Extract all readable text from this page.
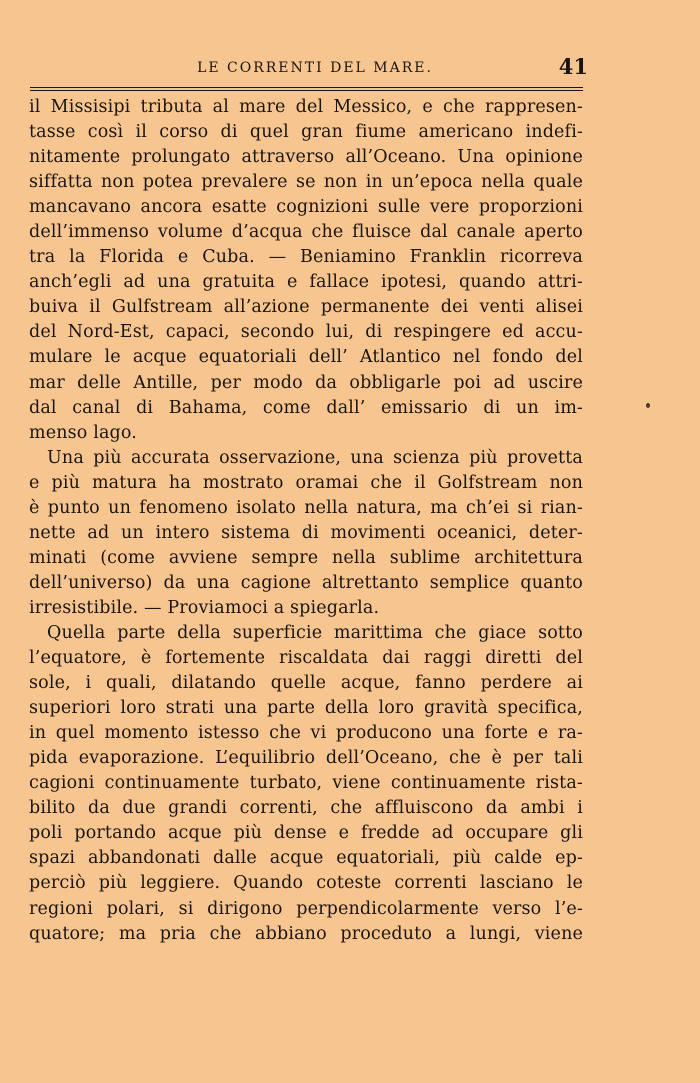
LE CORRENTI DEL MARE.	41
il Missisipi tributa al mare del Messico, e che rappresen-
tasse così il corso di quel gran fiume americano indefi-
nitamente prolungato attraverso all’Oceano. Una opinione
siffatta non potea prevalere se non in un’epoca nella quale
mancavano ancora esatte cognizioni sulle vere proporzioni
dell’immenso volume d’acqua che fluisce dal canale aperto
tra la Florida e Cuba. — Beniamino Franklin ricorreva
anch’egli ad una gratuita e fallace ipotesi, quando attri-
buiva il Gulfstream all’azione permanente dei venti alisei
del Nord-Est, capaci, secondo lui, di respingere ed accu-
mulare le acque equatoriali dell’ Atlantico nel fondo del
mar delle Antille, per modo da obbligarle poi ad uscire
dal canal di Bahama, come dall’ emissario di un im-
menso lago.
Una più accurata osservazione, una scienza più provetta
e più matura ha mostrato oramai che il Golfstream non
è punto un fenomeno isolato nella natura, ma ch’ei si rian-
nette ad un intero sistema di movimenti oceanici, deter-
minati (come avviene sempre nella sublime architettura
dell’universo) da una cagione altrettanto semplice quanto
irresistibile. — Proviamoci a spiegarla.
Quella parte della superficie marittima che giace sotto
l’equatore, è fortemente riscaldata dai raggi diretti del
sole, i quali, dilatando quelle acque, fanno perdere ai
superiori loro strati una parte della loro gravità specifica,
in quel momento istesso che vi producono una forte e ra-
pida evaporazione. L’equilibrio dell’Oceano, che è per tali
cagioni continuamente turbato, viene continuamente rista-
bilito da due grandi correnti, che affluiscono da ambi i
poli portando acque più dense e fredde ad occupare gli
spazi abbandonati dalle acque equatoriali, più calde ep-
perciò più leggiere. Quando coteste correnti lasciano le
regioni polari, si dirigono perpendicolarmente verso l’e-
quatore; ma pria che abbiano proceduto a lungi, viene
